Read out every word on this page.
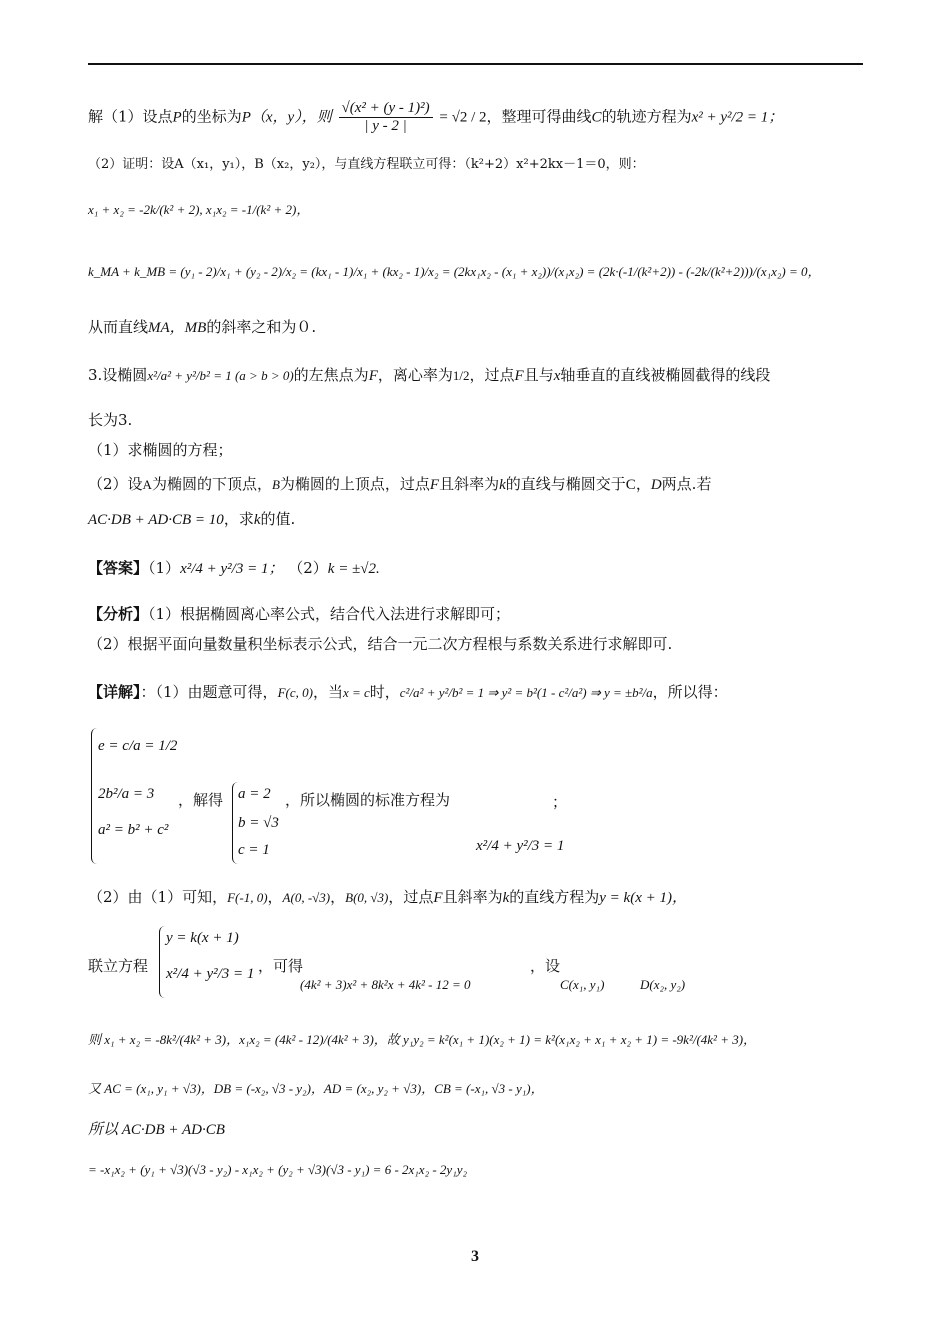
解（1）设点P的坐标为P（x，y），则 $\frac{\text{√(x² + (y - 1)²)}}{| y - 2 |} = √2 / 2$，整理可得曲线C的轨迹方程为x² + y²/2 = 1；
（2）证明：设A（x₁，y₁），B（x₂，y₂），与直线方程联立可得：（k²+2）x²+2kx－1＝0，则：
x₁ + x₂ = -2k/(k² + 2), x₁x₂ = -1/(k² + 2)，
k_MA + k_MB = (y₁ - 2)/x₁ + (y₂ - 2)/x₂ = (kx₁ - 1)/x₁ + (kx₂ - 1)/x₂ = (2kx₁x₂ - (x₁ + x₂))/(x₁x₂) = (2k·(-1/(k²+2)) - (-2k/(k²+2)))/(x₁x₂) = 0，
从而直线MA，MB的斜率之和为０.
3.设椭圆x²/a² + y²/b² = 1 (a > b > 0)的左焦点为F，离心率为1/2，过点F且与x轴垂直的直线被椭圆截得的线段
长为3.
（1）求椭圆的方程；
（2）设A为椭圆的下顶点，B为椭圆的上顶点，过点F且斜率为k的直线与椭圆交于C，D两点.若
AC·DB + AD·CB = 10，求k的值.
【答案】（1）x²/4 + y²/3 = 1； （2）k = ±√2.
【分析】（1）根据椭圆离心率公式，结合代入法进行求解即可；
（2）根据平面向量数量积坐标表示公式，结合一元二次方程根与系数关系进行求解即可.
【详解】：（1）由题意可得，F(c, 0)，当x = c时，c²/a² + y²/b² = 1 ⇒ y² = b²(1 - c²/a²) ⇒ y = ±b²/a，所以得：
e = c/a = 1/2
2b²/a = 3
a² = b² + c²
，解得 a = 2
b = √3
c = 1
，所以椭圆的标准方程为	；
x²/4 + y²/3 = 1
（2）由（1）可知，F(-1, 0)，A(0, -√3)，B(0, √3)，过点F且斜率为k的直线方程为y = k(x + 1)，
联立方程
y = k(x + 1)
x²/4 + y²/3 = 1 ，可得
(4k² + 3)x² + 8k²x + 4k² - 12 = 0
，设
C(x₁, y₁)	D(x₂, y₂)
则 x₁ + x₂ = -8k²/(4k² + 3)，x₁x₂ = (4k² - 12)/(4k² + 3)，故 y₁y₂ = k²(x₁ + 1)(x₂ + 1) = k²(x₁x₂ + x₁ + x₂ + 1) = -9k²/(4k² + 3)，
又 AC = (x₁, y₁ + √3)，DB = (-x₂, √3 - y₂)，AD = (x₂, y₂ + √3)，CB = (-x₁, √3 - y₁)，
所以 AC·DB + AD·CB
= -x₁x₂ + (y₁ + √3)(√3 - y₂) - x₁x₂ + (y₂ + √3)(√3 - y₁) = 6 - 2x₁x₂ - 2y₁y₂
3
